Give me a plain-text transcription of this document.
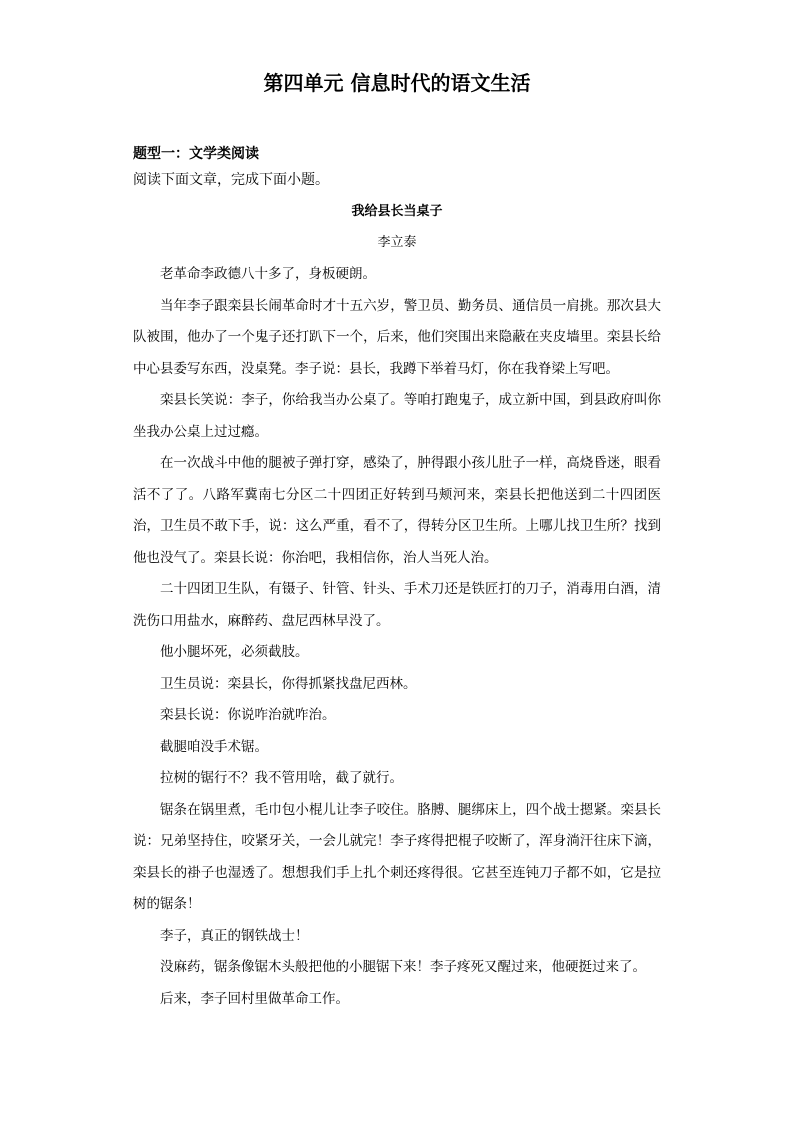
第四单元 信息时代的语文生活
题型一：文学类阅读
阅读下面文章，完成下面小题。
我给县长当桌子
李立泰

老革命李政德八十多了，身板硬朗。

当年李子跟栾县长闹革命时才十五六岁，警卫员、勤务员、通信员一肩挑。那次县大队被围，他办了一个鬼子还打趴下一个，后来，他们突围出来隐蔽在夹皮墙里。栾县长给中心县委写东西，没桌凳。李子说：县长，我蹲下举着马灯，你在我脊梁上写吧。

栾县长笑说：李子，你给我当办公桌了。等咱打跑鬼子，成立新中国，到县政府叫你坐我办公桌上过过瘾。

在一次战斗中他的腿被子弹打穿，感染了，肿得跟小孩儿肚子一样，高烧昏迷，眼看活不了了。八路军冀南七分区二十四团正好转到马颊河来，栾县长把他送到二十四团医治，卫生员不敢下手，说：这么严重，看不了，得转分区卫生所。上哪儿找卫生所？找到他也没气了。栾县长说：你治吧，我相信你，治人当死人治。

二十四团卫生队，有镊子、针管、针头、手术刀还是铁匠打的刀子，消毒用白酒，清洗伤口用盐水，麻醉药、盘尼西林早没了。

他小腿坏死，必须截肢。

卫生员说：栾县长，你得抓紧找盘尼西林。

栾县长说：你说咋治就咋治。

截腿咱没手术锯。

拉树的锯行不？我不管用啥，截了就行。

锯条在锅里煮，毛巾包小棍儿让李子咬住。胳膊、腿绑床上，四个战士摁紧。栾县长说：兄弟坚持住，咬紧牙关，一会儿就完！李子疼得把棍子咬断了，浑身淌汗往床下滴，栾县长的褂子也湿透了。想想我们手上扎个刺还疼得很。它甚至连钝刀子都不如，它是拉树的锯条！

李子，真正的钢铁战士！

没麻药，锯条像锯木头般把他的小腿锯下来！李子疼死又醒过来，他硬挺过来了。

后来，李子回村里做革命工作。
